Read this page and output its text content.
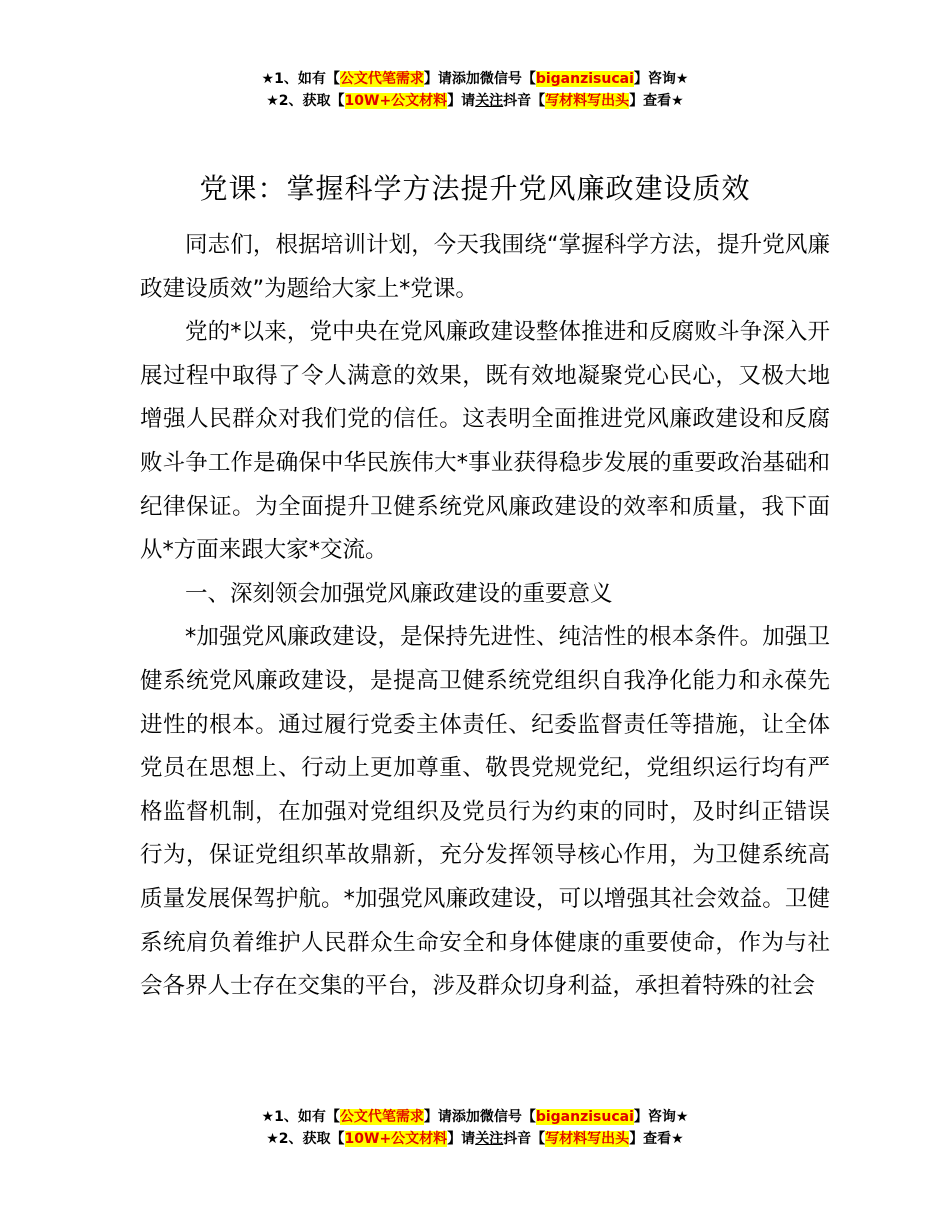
★1、如有【公文代笔需求】请添加微信号【biganzisucai】咨询★
★2、获取【10W+公文材料】请关注抖音【写材料写出头】查看★
党课：掌握科学方法提升党风廉政建设质效

同志们，根据培训计划，今天我围绕“掌握科学方法，提升党风廉政建设质效”为题给大家上*党课。

党的*以来，党中央在党风廉政建设整体推进和反腐败斗争深入开展过程中取得了令人满意的效果，既有效地凝聚党心民心，又极大地增强人民群众对我们党的信任。这表明全面推进党风廉政建设和反腐败斗争工作是确保中华民族伟大*事业获得稳步发展的重要政治基础和纪律保证。为全面提升卫健系统党风廉政建设的效率和质量，我下面从*方面来跟大家*交流。

一、深刻领会加强党风廉政建设的重要意义

*加强党风廉政建设，是保持先进性、纯洁性的根本条件。加强卫健系统党风廉政建设，是提高卫健系统党组织自我净化能力和永葆先进性的根本。通过履行党委主体责任、纪委监督责任等措施，让全体党员在思想上、行动上更加尊重、敬畏党规党纪，党组织运行均有严格监督机制，在加强对党组织及党员行为约束的同时，及时纠正错误行为，保证党组织革故鼎新，充分发挥领导核心作用，为卫健系统高质量发展保驾护航。*加强党风廉政建设，可以增强其社会效益。卫健系统肩负着维护人民群众生命安全和身体健康的重要使命，作为与社会各界人士存在交集的平台，涉及群众切身利益，承担着特殊的社会

★1、如有【公文代笔需求】请添加微信号【biganzisucai】咨询★
★2、获取【10W+公文材料】请关注抖音【写材料写出头】查看★
